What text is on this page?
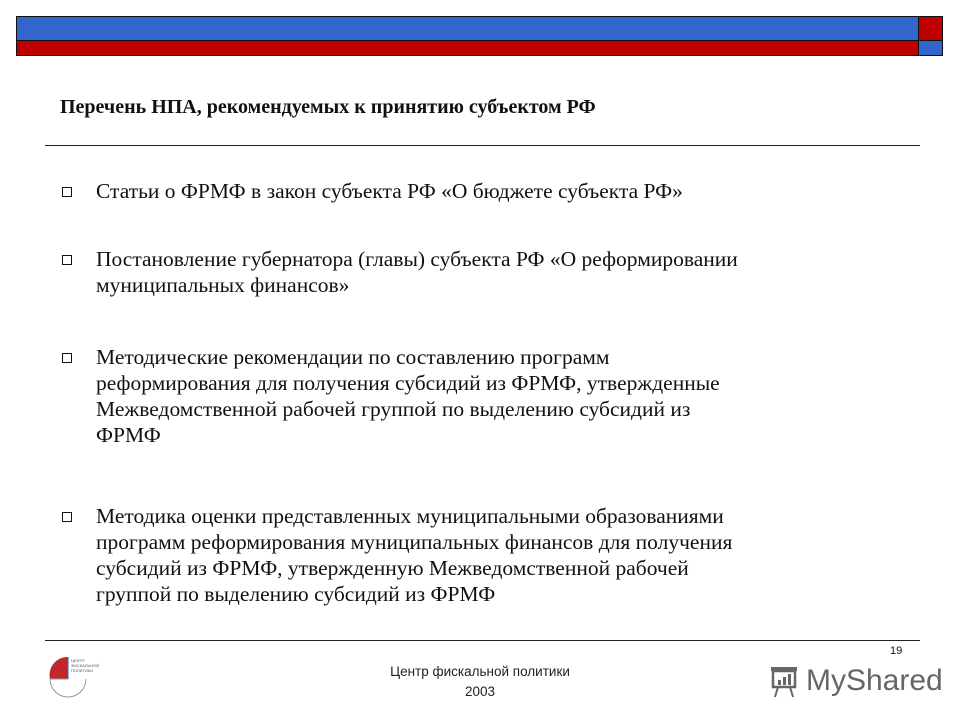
Перечень НПА, рекомендуемых к принятию субъектом РФ
Статьи о ФРМФ в закон субъекта РФ «О бюджете субъекта РФ»
Постановление губернатора (главы) субъекта РФ «О реформировании
муниципальных финансов»
Методические рекомендации по составлению программ
реформирования для получения субсидий из ФРМФ, утвержденные
Межведомственной рабочей группой по выделению субсидий из
ФРМФ
Методика оценки представленных муниципальными образованиями
программ реформирования муниципальных финансов для получения
субсидий из ФРМФ, утвержденную Межведомственной рабочей
группой по выделению субсидий из ФРМФ
ЦЕНТР
ФИСКАЛЬНОЙ
ПОЛИТИКИ	Центр фискальной политики
2003	MyShared
19
